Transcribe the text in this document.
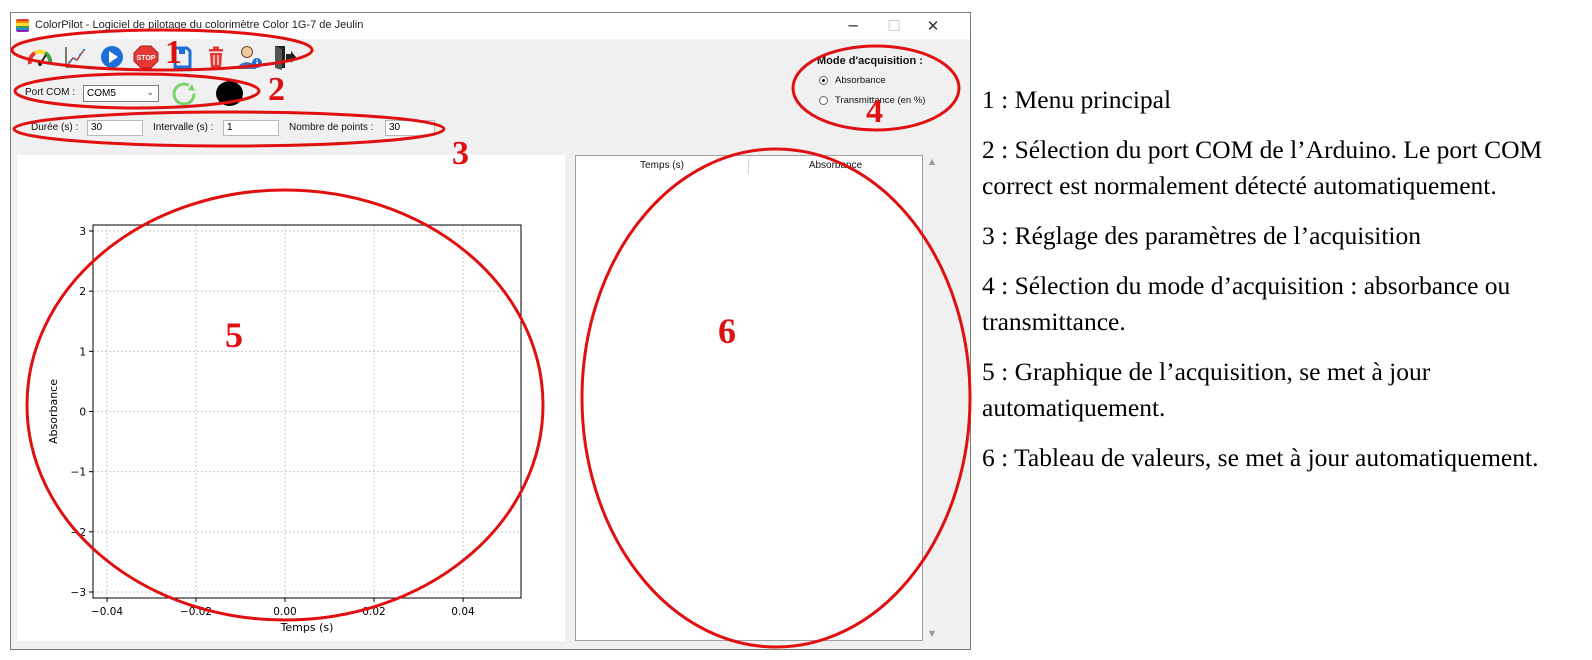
ColorPilot - Logiciel de pilotage du colorimètre Color 1G-7 de Jeulin	─	☐	✕
STOP
Port COM :	COM5	⌄
Durée (s) :	30	Intervalle (s) :	1	Nombre de points :	30
Mode d'acquisition :
Absorbance
Transmittance (en %)
−0.04	−0.02	0.00	0.02	0.04
3
2
1
0
−1
−2
−3
Temps (s)
Absorbance
Temps (s)	Absorbance	▲
▼
1
2
3
4
5	6

1 : Menu principal

2 : Sélection du port COM de l’Arduino. Le port COM correct est normalement détecté automatiquement.

3 : Réglage des paramètres de l’acquisition

4 : Sélection du mode d’acquisition : absorbance ou transmittance.

5 : Graphique de l’acquisition, se met à jour automatiquement.

6 : Tableau de valeurs, se met à jour automatiquement.
